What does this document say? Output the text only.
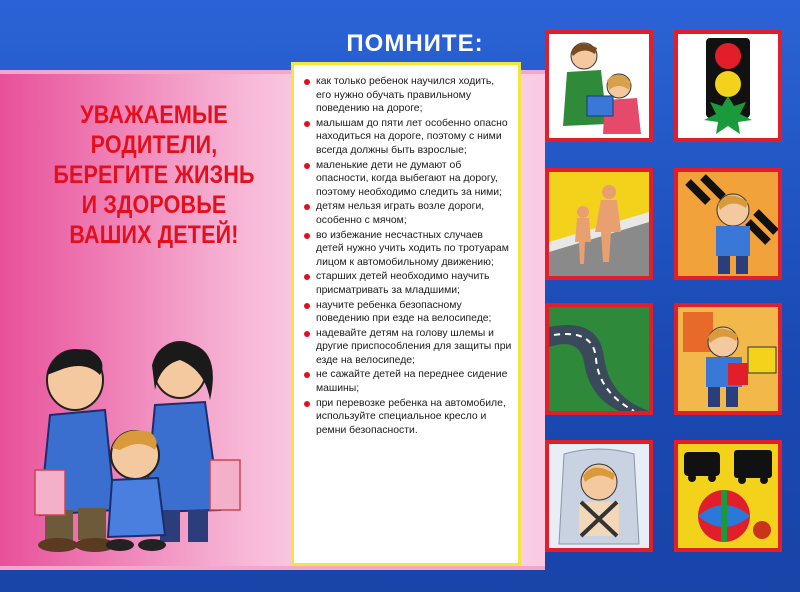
ПОМНИТЕ:
УВАЖАЕМЫЕ
РОДИТЕЛИ,
БЕРЕГИТЕ ЖИЗНЬ
И ЗДОРОВЬЕ
ВАШИХ ДЕТЕЙ!
как только ребенок научился ходить, его нужно обучать правильному поведению на дороге;
малышам до пяти лет особенно опасно находиться на дороге, поэтому с ними всегда должны быть взрослые;
маленькие дети не думают об опасности, когда выбегают на дорогу, поэтому необходимо следить за ними;
детям нельзя играть возле дороги, особенно с мячом;
во избежание несчастных случаев детей нужно учить ходить по тротуарам лицом к автомобильному движению;
старших детей необходимо научить присматривать за младшими;
научите ребенка безопасному поведению при езде на велосипеде;
надевайте детям на голову шлемы и другие приспособления для защиты при езде на велосипеде;
не сажайте детей на переднее сидение машины;
при перевозке ребенка на автомобиле, используйте специальное кресло и ремни безопасности.
